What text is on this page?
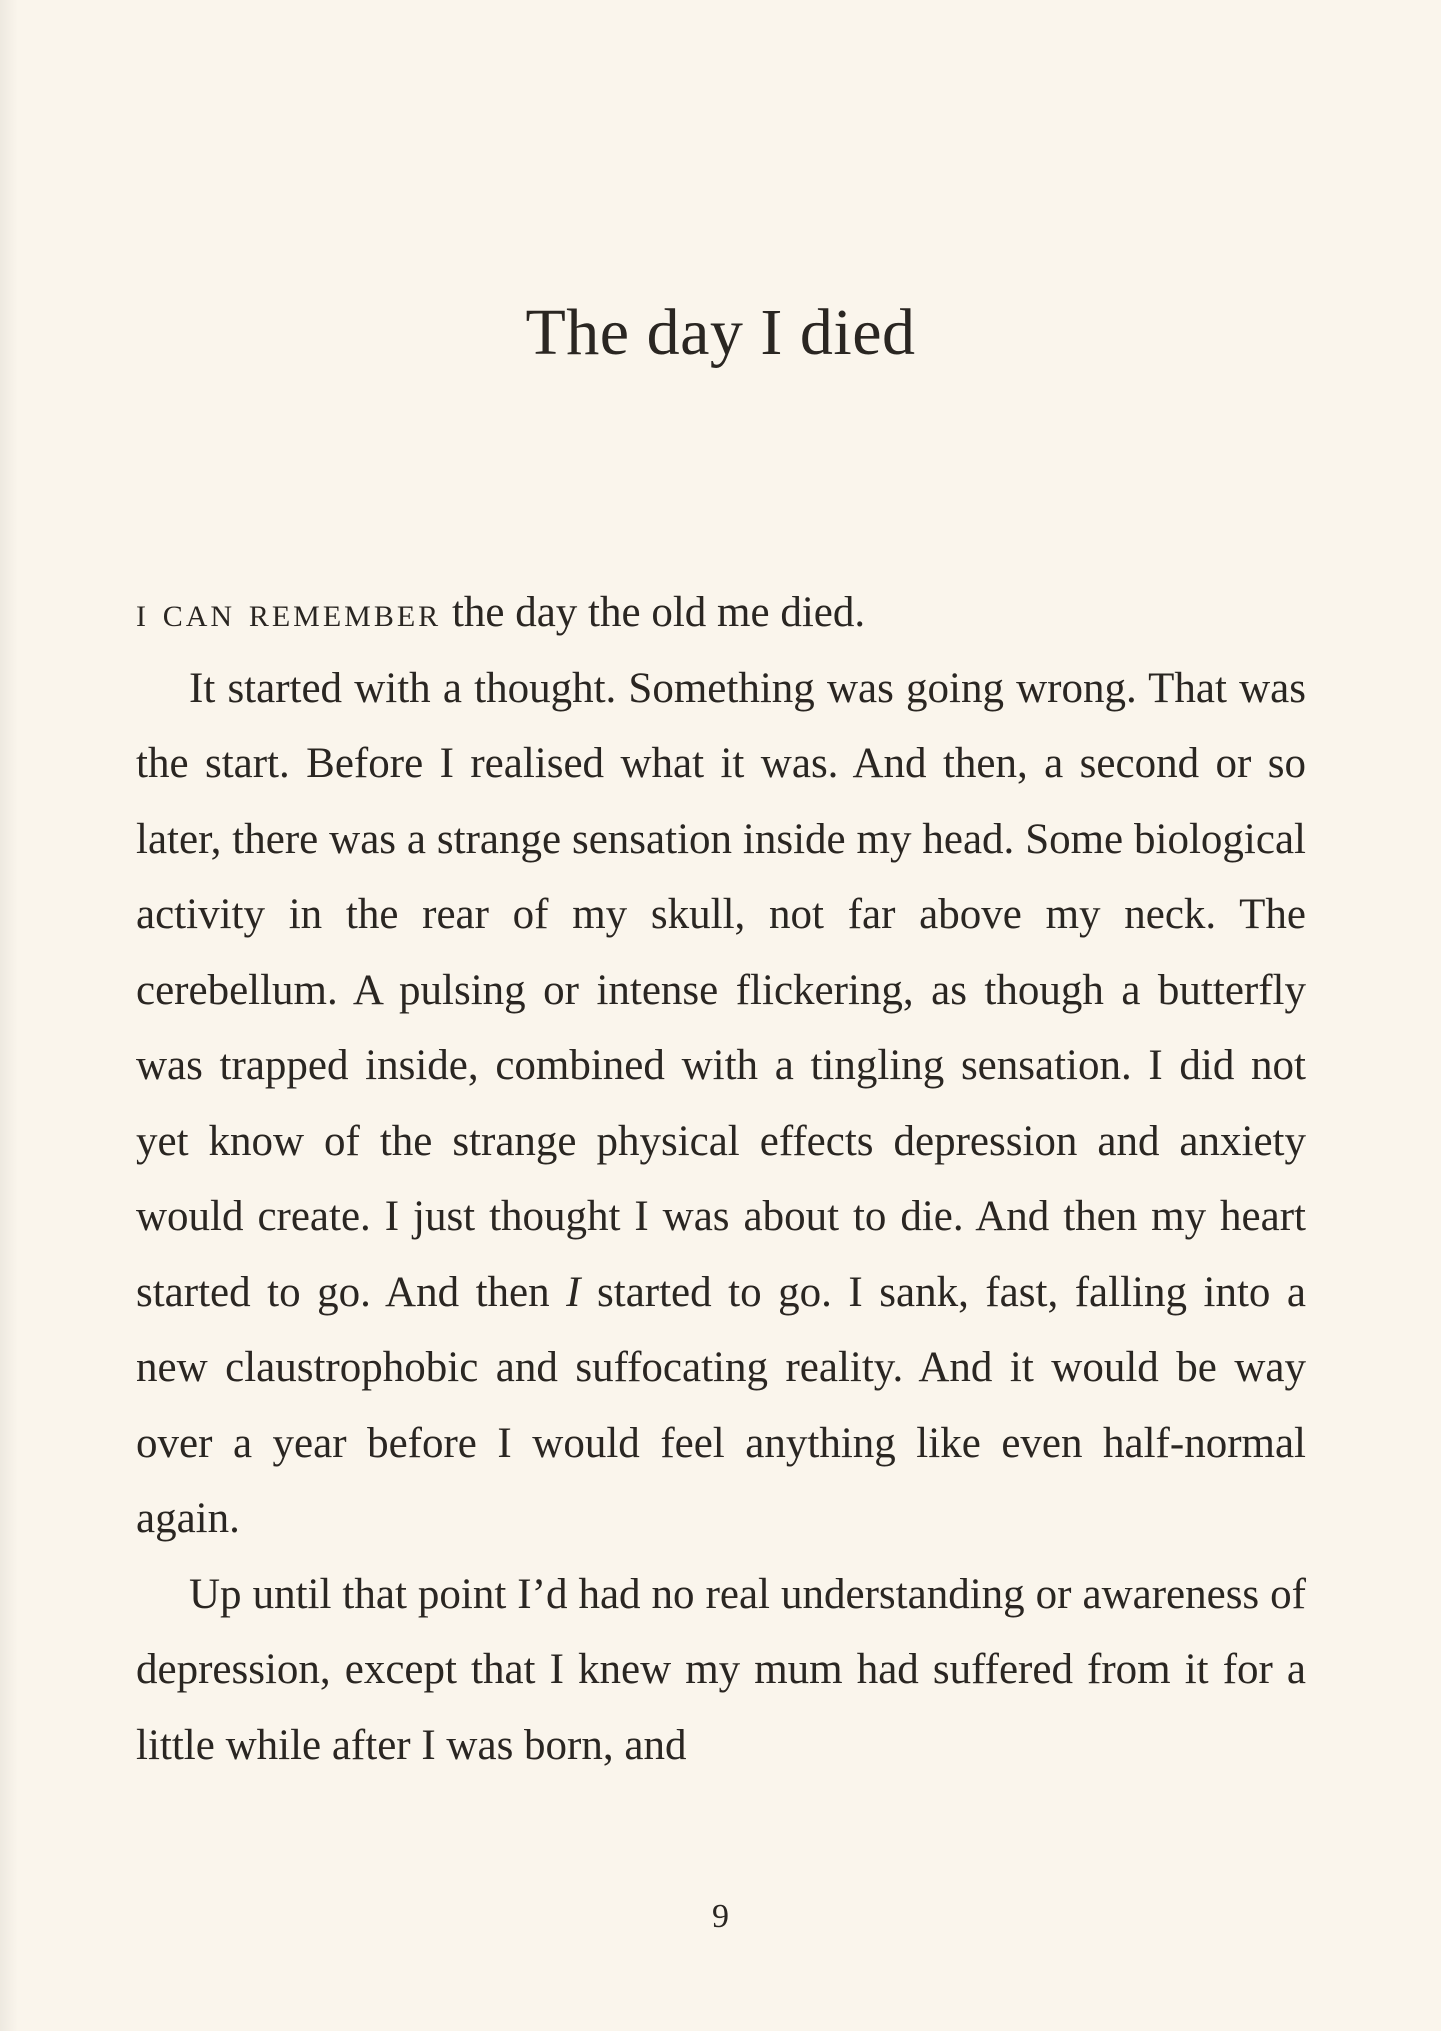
The day I died

i can remember the day the old me died.

It started with a thought. Something was going wrong. That was the start. Before I realised what it was. And then, a second or so later, there was a strange sensation inside my head. Some biological activity in the rear of my skull, not far above my neck. The cerebellum. A pulsing or intense flickering, as though a butterfly was trapped inside, combined with a tingling sensation. I did not yet know of the strange physical effects depression and anxiety would create. I just thought I was about to die. And then my heart started to go. And then I started to go. I sank, fast, falling into a new claustrophobic and suffocating reality. And it would be way over a year before I would feel anything like even half-normal again.

Up until that point I’d had no real understanding or awareness of depression, except that I knew my mum had suffered from it for a little while after I was born, and

9
